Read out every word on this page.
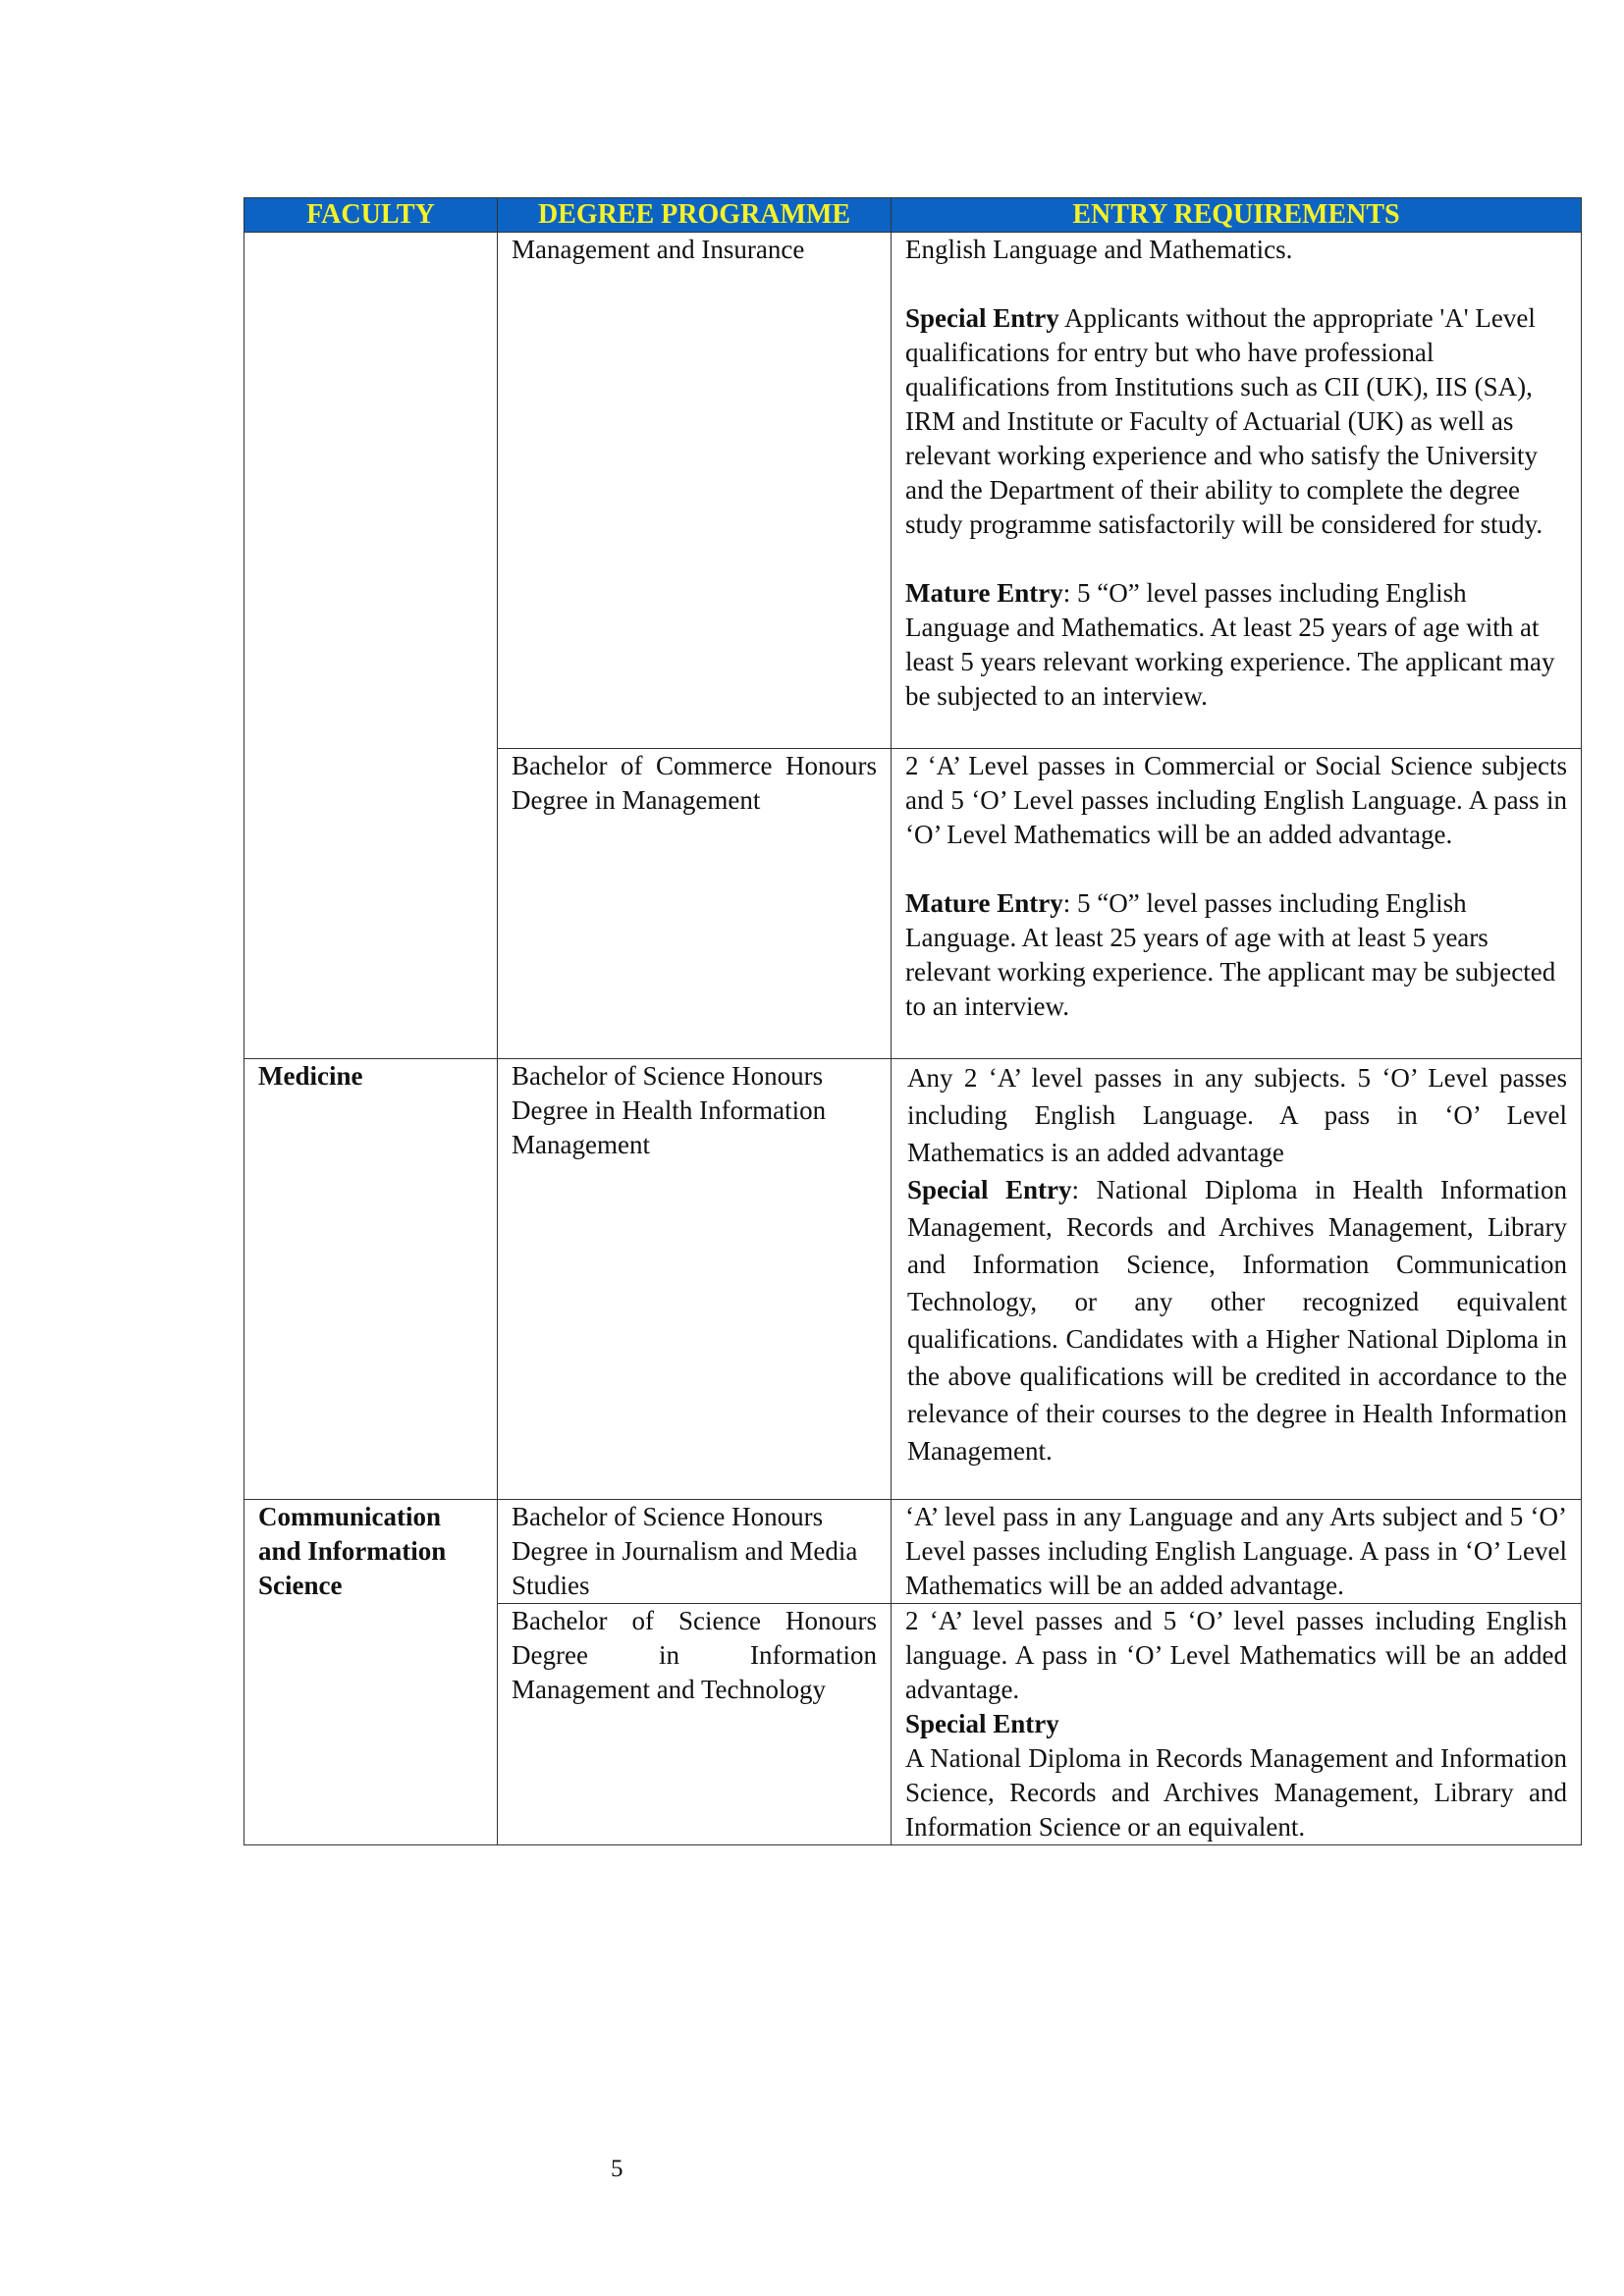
FACULTY	DEGREE PROGRAMME	ENTRY REQUIREMENTS

	Management and Insurance	English Language and Mathematics.

Special Entry Applicants without the appropriate 'A' Level qualifications for entry but who have professional qualifications from Institutions such as CII (UK), IIS (SA), IRM and Institute or Faculty of Actuarial (UK) as well as relevant working experience and who satisfy the University and the Department of their ability to complete the degree study programme satisfactorily will be considered for study.

Mature Entry: 5 “O” level passes including English Language and Mathematics. At least 25 years of age with at least 5 years relevant working experience. The applicant may be subjected to an interview.

	Bachelor of Commerce Honours Degree in Management	2 ‘A’ Level passes in Commercial or Social Science subjects and 5 ‘O’ Level passes including English Language. A pass in ‘O’ Level Mathematics will be an added advantage.

Mature Entry: 5 “O” level passes including English Language. At least 25 years of age with at least 5 years relevant working experience. The applicant may be subjected to an interview.

Medicine	Bachelor of Science Honours Degree in Health Information Management	Any 2 ‘A’ level passes in any subjects. 5 ‘O’ Level passes including English Language. A pass in ‘O’ Level Mathematics is an added advantage

Special Entry: National Diploma in Health Information Management, Records and Archives Management, Library and Information Science, Information Communication Technology, or any other recognized equivalent qualifications. Candidates with a Higher National Diploma in the above qualifications will be credited in accordance to the relevance of their courses to the degree in Health Information Management.

Communication and Information Science	Bachelor of Science Honours Degree in Journalism and Media Studies	‘A’ level pass in any Language and any Arts subject and 5 ‘O’ Level passes including English Language. A pass in ‘O’ Level Mathematics will be an added advantage.

	Bachelor of Science Honours Degree in Information Management and Technology	2 ‘A’ level passes and 5 ‘O’ level passes including English language. A pass in ‘O’ Level Mathematics will be an added advantage.

Special Entry

A National Diploma in Records Management and Information Science, Records and Archives Management, Library and Information Science or an equivalent.

5
